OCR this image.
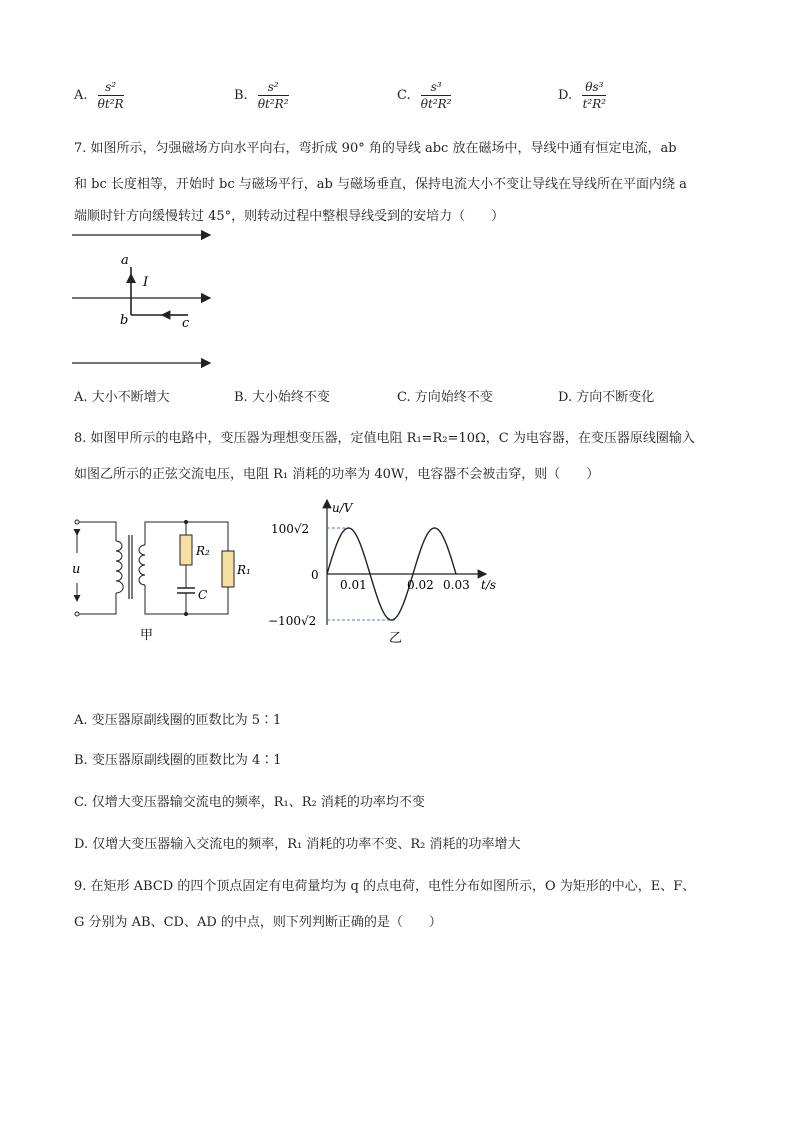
A. $\frac{\text{s²}}{\text{θt²R}}$	B. $\frac{\text{s²}}{\text{θt²R²}}$	C. $\frac{\text{s³}}{\text{θt²R²}}$	D. $\frac{\text{θs³}}{\text{t²R²}}$
7. 如图所示，匀强磁场方向水平向右，弯折成 90° 角的导线 abc 放在磁场中，导线中通有恒定电流，ab
和 bc 长度相等，开始时 bc 与磁场平行，ab 与磁场垂直，保持电流大小不变让导线在导线所在平面内绕 a
端顺时针方向缓慢转过 45°，则转动过程中整根导线受到的安培力（　　）
a
I
b	c
A. 大小不断增大	B. 大小始终不变	C. 方向始终不变	D. 方向不断变化
8. 如图甲所示的电路中，变压器为理想变压器，定值电阻 R₁=R₂=10Ω，C 为电容器，在变压器原线圈输入
如图乙所示的正弦交流电压，电阻 R₁ 消耗的功率为 40W，电容器不会被击穿，则（　　）
u
R₂
C
R₁
甲
u/V
100√2
−100√2
0
0.01	0.02 0.03 t/s
乙
A. 变压器原副线圈的匝数比为 5∶1
B. 变压器原副线圈的匝数比为 4∶1
C. 仅增大变压器输交流电的频率，R₁、R₂ 消耗的功率均不变
D. 仅增大变压器输入交流电的频率，R₁ 消耗的功率不变、R₂ 消耗的功率增大
9. 在矩形 ABCD 的四个顶点固定有电荷量均为 q 的点电荷，电性分布如图所示，O 为矩形的中心，E、F、
G 分别为 AB、CD、AD 的中点，则下列判断正确的是（　　）
